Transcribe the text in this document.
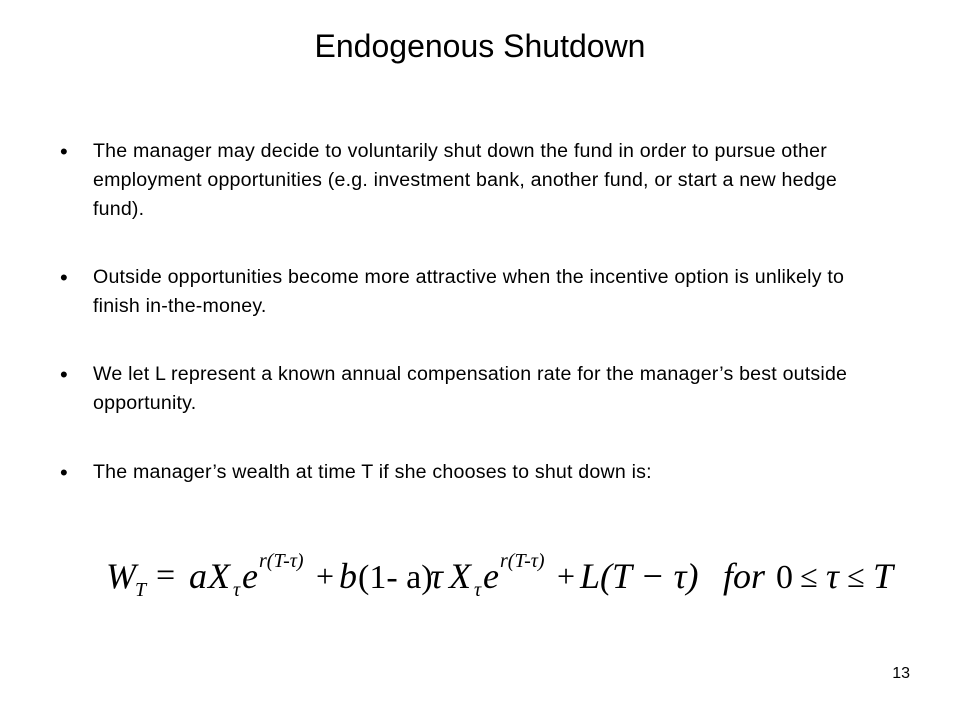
Endogenous Shutdown
• The manager may decide to voluntarily shut down the fund in order to pursue other employment opportunities (e.g. investment bank, another fund, or start a new hedge fund).
• Outside opportunities become more attractive when the incentive option is unlikely to finish in-the-money.
• We let L represent a known annual compensation rate for the manager’s best outside opportunity.
• The manager’s wealth at time T if she chooses to shut down is:
W T = a X τ e r(T-τ) + b (1- a)
τ X τ e r(T-τ) + L(T − τ) for 0 ≤ τ ≤ T
13
